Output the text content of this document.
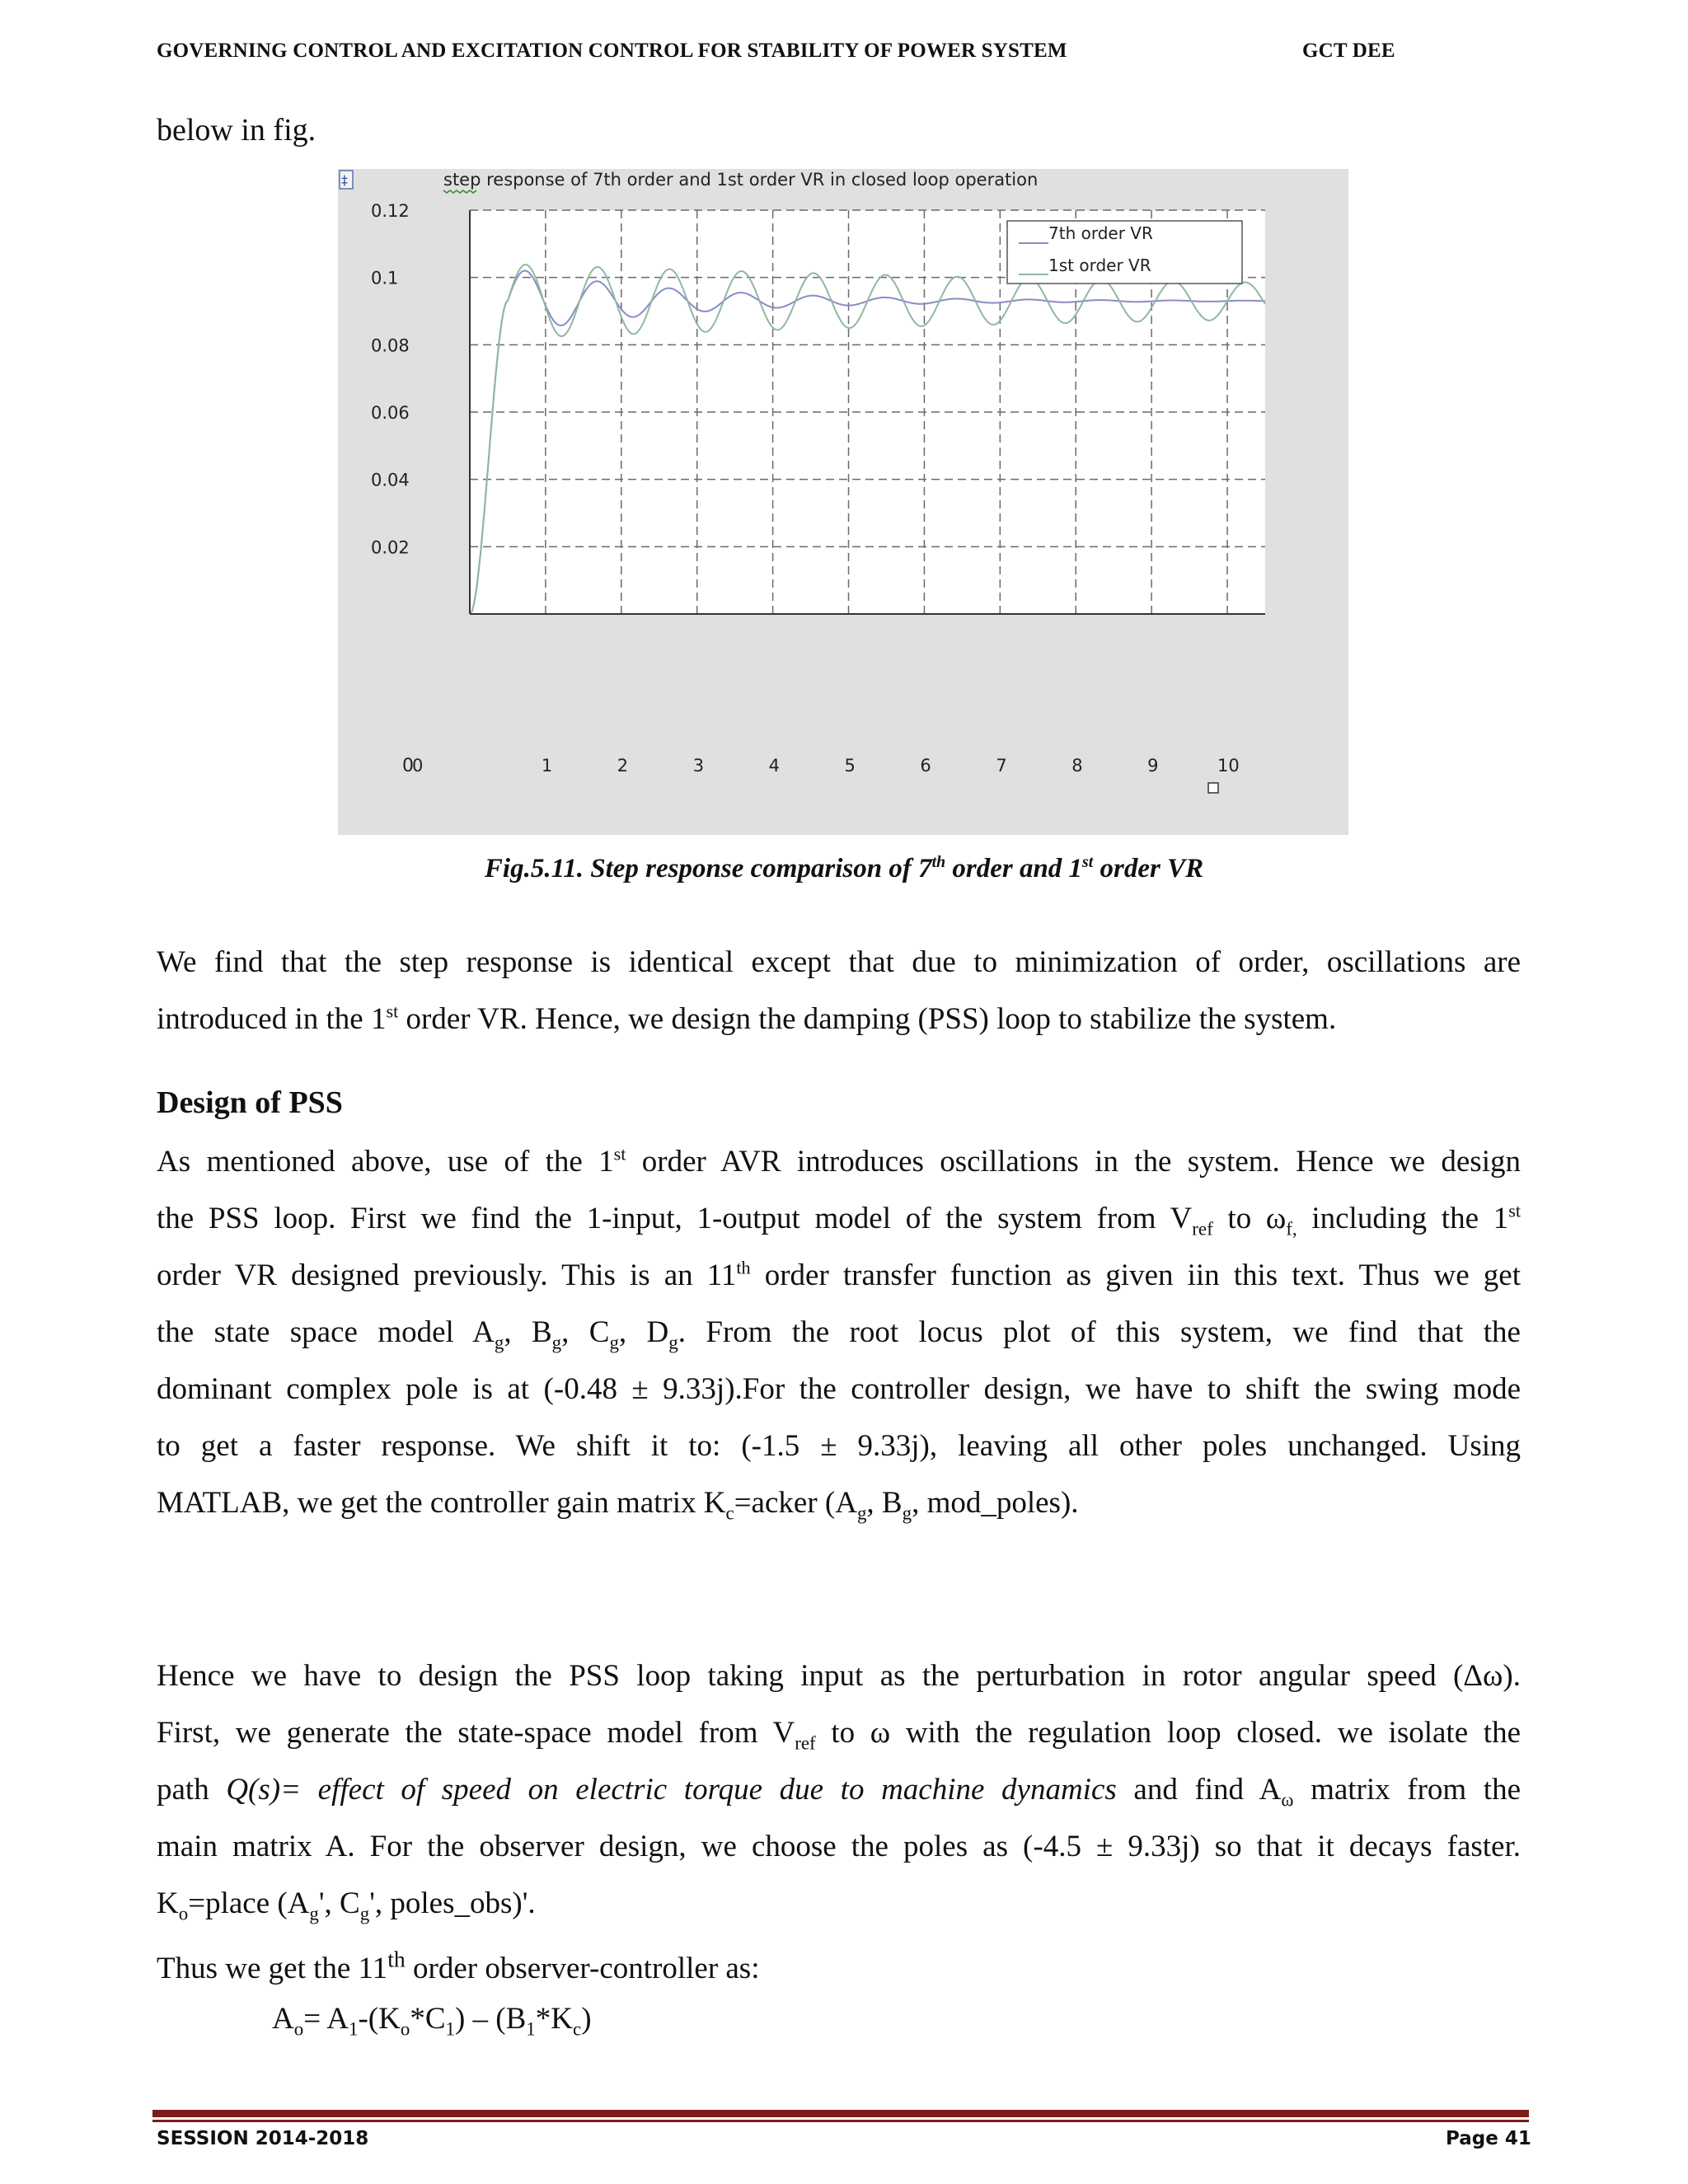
GOVERNING CONTROL AND EXCITATION CONTROL FOR STABILITY OF POWER SYSTEM	GCT DEE
below in fig.
1	2	3	4	5	6	7	8	9	10
0
0.02
0.04
0.06
0.08
0.1
0.12
step response of 7th order and 1st order VR in closed loop operation
‡
0
7th order VR
1st order VR
Fig.5.11. Step response comparison of 7th order and 1st order VR
We find that the step response is identical except that due to minimization of order, oscillations are
introduced in the 1st order VR. Hence, we design the damping (PSS) loop to stabilize the system.
Design of PSS
As mentioned above, use of the 1st order AVR introduces oscillations in the system. Hence we design
the PSS loop. First we find the 1-input, 1-output model of the system from $V_{ref}$ to $\omega_{f,}$ including the 1st
order VR designed previously. This is an 11th order transfer function as given iin this text. Thus we get
the state space model $A_g$, $B_g$, $C_g$, $D_g$. From the root locus plot of this system, we find that the
dominant complex pole is at (-0.48 ± 9.33j).For the controller design, we have to shift the swing mode
to get a faster response. We shift it to: (-1.5 ± 9.33j), leaving all other poles unchanged. Using
MATLAB, we get the controller gain matrix $K_c=acker$ ($A_g$, $B_g$, mod_poles).
Hence we have to design the PSS loop taking input as the perturbation in rotor angular speed (Δω).
First, we generate the state-space model from $V_{ref}$ to ω with the regulation loop closed. we isolate the
path Q(s)= effect of speed on electric torque due to machine dynamics and find $A_\omega$ matrix from the
main matrix A. For the observer design, we choose the poles as (-4.5 ± 9.33j) so that it decays faster.
$K_o=place$ ($A_g'$, $C_g'$, poles_obs)'.
Thus we get the 11th order observer-controller as:
$A_o= A_1-(K_o*C_1) - (B_1*K_c)$
SESSION 2014-2018	Page 41
